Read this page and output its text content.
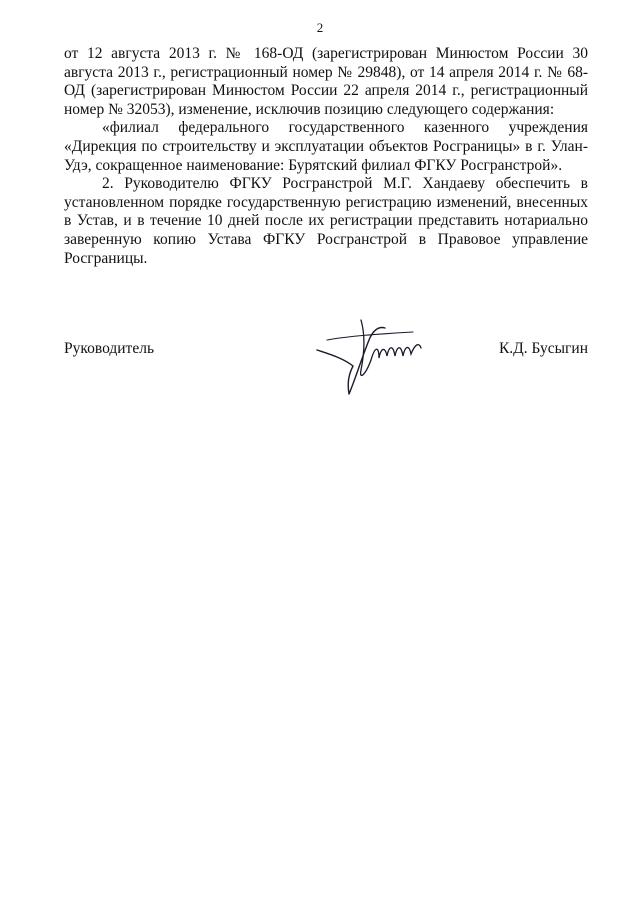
2

от 12 августа 2013 г. № 168-ОД (зарегистрирован Минюстом России 30 августа 2013 г., регистрационный номер № 29848), от 14 апреля 2014 г. № 68-ОД (зарегистрирован Минюстом России 22 апреля 2014 г., регистрационный номер № 32053), изменение, исключив позицию следующего содержания:

«филиал федерального государственного казенного учреждения «Дирекция по строительству и эксплуатации объектов Росграницы» в г. Улан-Удэ, сокращенное наименование: Бурятский филиал ФГКУ Росгранстрой».

2. Руководителю ФГКУ Росгранстрой М.Г. Хандаеву обеспечить в установленном порядке государственную регистрацию изменений, внесенных в Устав, и в течение 10 дней после их регистрации представить нотариально заверенную копию Устава ФГКУ Росгранстрой в Правовое управление Росграницы.

Руководитель	К.Д. Бусыгин
